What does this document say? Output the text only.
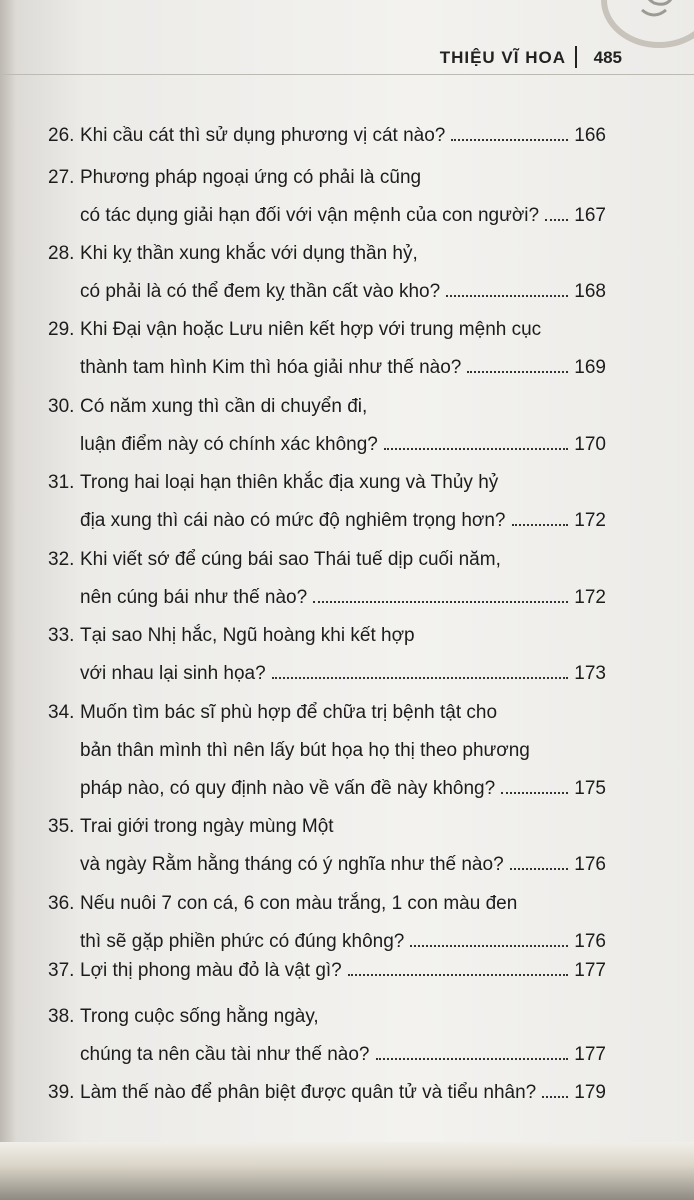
THIỆU VĨ HOA 485
26. Khi cầu cát thì sử dụng phương vị cát nào?	166
27. Phương pháp ngoại ứng có phải là cũng
có tác dụng giải hạn đối với vận mệnh của con người? 167
28. Khi kỵ thần xung khắc với dụng thần hỷ,
có phải là có thể đem kỵ thần cất vào kho?	168
29. Khi Đại vận hoặc Lưu niên kết hợp với trung mệnh cục
thành tam hình Kim thì hóa giải như thế nào?	169
30. Có năm xung thì cần di chuyển đi,
luận điểm này có chính xác không?	170
31. Trong hai loại hạn thiên khắc địa xung và Thủy hỷ
địa xung thì cái nào có mức độ nghiêm trọng hơn?	172
32. Khi viết sớ để cúng bái sao Thái tuế dịp cuối năm,
nên cúng bái như thế nào?	172
33. Tại sao Nhị hắc, Ngũ hoàng khi kết hợp
với nhau lại sinh họa?	173
34. Muốn tìm bác sĩ phù hợp để chữa trị bệnh tật cho
bản thân mình thì nên lấy bút họa họ thị theo phương
pháp nào, có quy định nào về vấn đề này không?	175
35. Trai giới trong ngày mùng Một
và ngày Rằm hằng tháng có ý nghĩa như thế nào?	176
36. Nếu nuôi 7 con cá, 6 con màu trắng, 1 con màu đen
thì sẽ gặp phiền phức có đúng không?	176
37. Lợi thị phong màu đỏ là vật gì?	177
38. Trong cuộc sống hằng ngày,
chúng ta nên cầu tài như thế nào?	177
39. Làm thế nào để phân biệt được quân tử và tiểu nhân? 179
